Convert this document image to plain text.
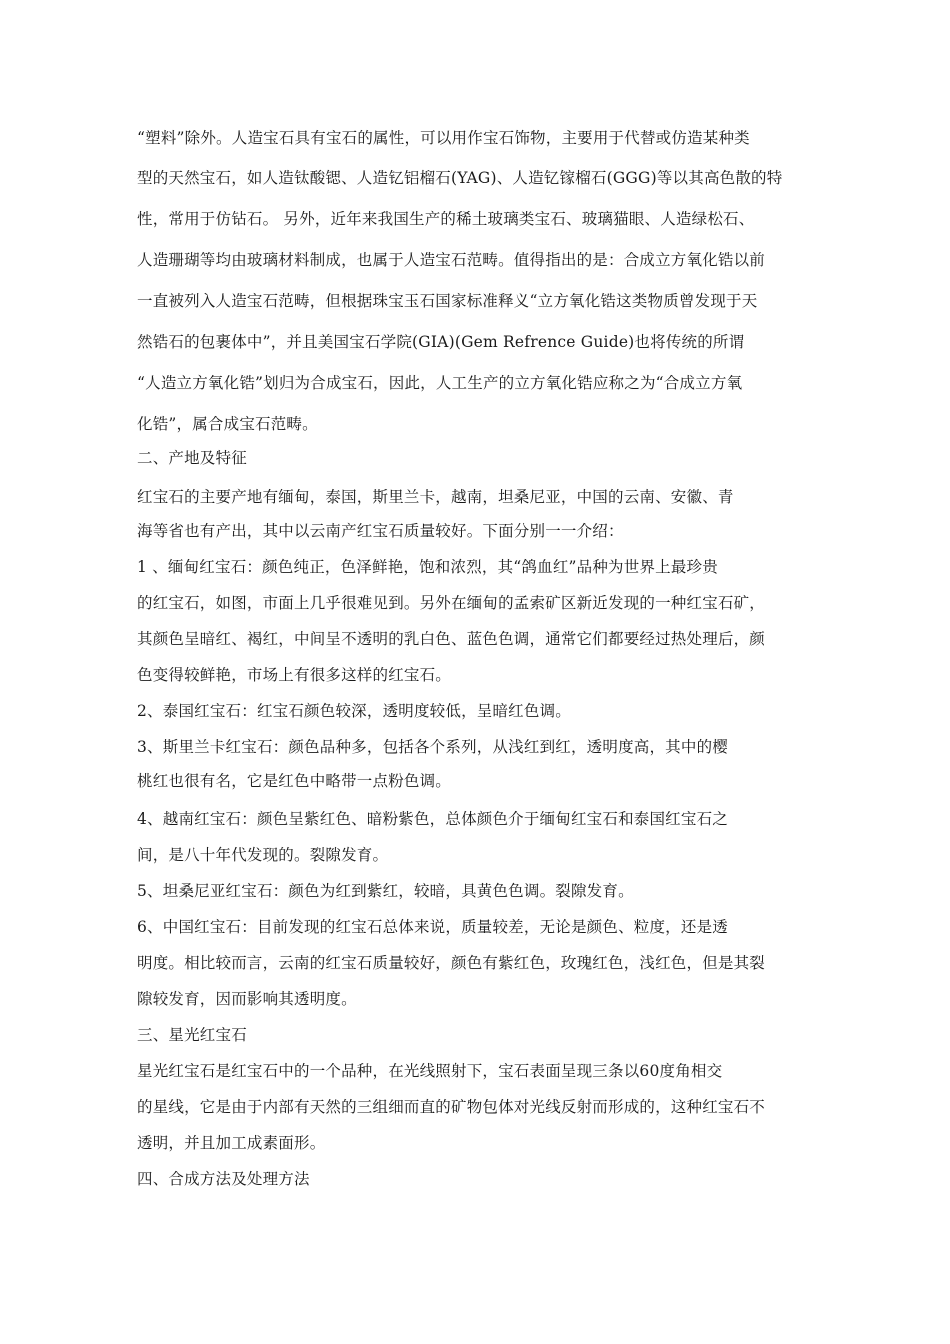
“塑料”除外。人造宝石具有宝石的属性，可以用作宝石饰物，主要用于代替或仿造某种类
型的天然宝石，如人造钛酸锶、人造钇铝榴石(YAG)、人造钇镓榴石(GGG)等以其高色散的特
性，常用于仿钻石。 另外，近年来我国生产的稀土玻璃类宝石、玻璃猫眼、人造绿松石、
人造珊瑚等均由玻璃材料制成，也属于人造宝石范畴。值得指出的是：合成立方氧化锆以前
一直被列入人造宝石范畴，但根据珠宝玉石国家标准释义“立方氧化锆这类物质曾发现于天
然锆石的包裹体中”，并且美国宝石学院(GIA)(Gem Refrence Guide)也将传统的所谓
“人造立方氧化锆”划归为合成宝石，因此，人工生产的立方氧化锆应称之为“合成立方氧
化锆”，属合成宝石范畴。
二、产地及特征
红宝石的主要产地有缅甸，泰国，斯里兰卡，越南，坦桑尼亚，中国的云南、安徽、青
海等省也有产出，其中以云南产红宝石质量较好。下面分别一一介绍：
1 、缅甸红宝石：颜色纯正，色泽鲜艳，饱和浓烈，其“鸽血红”品种为世界上最珍贵
的红宝石，如图，市面上几乎很难见到。另外在缅甸的孟索矿区新近发现的一种红宝石矿，
其颜色呈暗红、褐红，中间呈不透明的乳白色、蓝色色调，通常它们都要经过热处理后，颜
色变得较鲜艳，市场上有很多这样的红宝石。
2、泰国红宝石：红宝石颜色较深，透明度较低，呈暗红色调。
3、斯里兰卡红宝石：颜色品种多，包括各个系列，从浅红到红，透明度高，其中的樱
桃红也很有名，它是红色中略带一点粉色调。
4、越南红宝石：颜色呈紫红色、暗粉紫色，总体颜色介于缅甸红宝石和泰国红宝石之
间，是八十年代发现的。裂隙发育。
5、坦桑尼亚红宝石：颜色为红到紫红，较暗，具黄色色调。裂隙发育。
6、中国红宝石：目前发现的红宝石总体来说，质量较差，无论是颜色、粒度，还是透
明度。相比较而言，云南的红宝石质量较好，颜色有紫红色，玫瑰红色，浅红色，但是其裂
隙较发育，因而影响其透明度。
三、星光红宝石
星光红宝石是红宝石中的一个品种，在光线照射下，宝石表面呈现三条以60度角相交
的星线，它是由于内部有天然的三组细而直的矿物包体对光线反射而形成的，这种红宝石不
透明，并且加工成素面形。
四、合成方法及处理方法
